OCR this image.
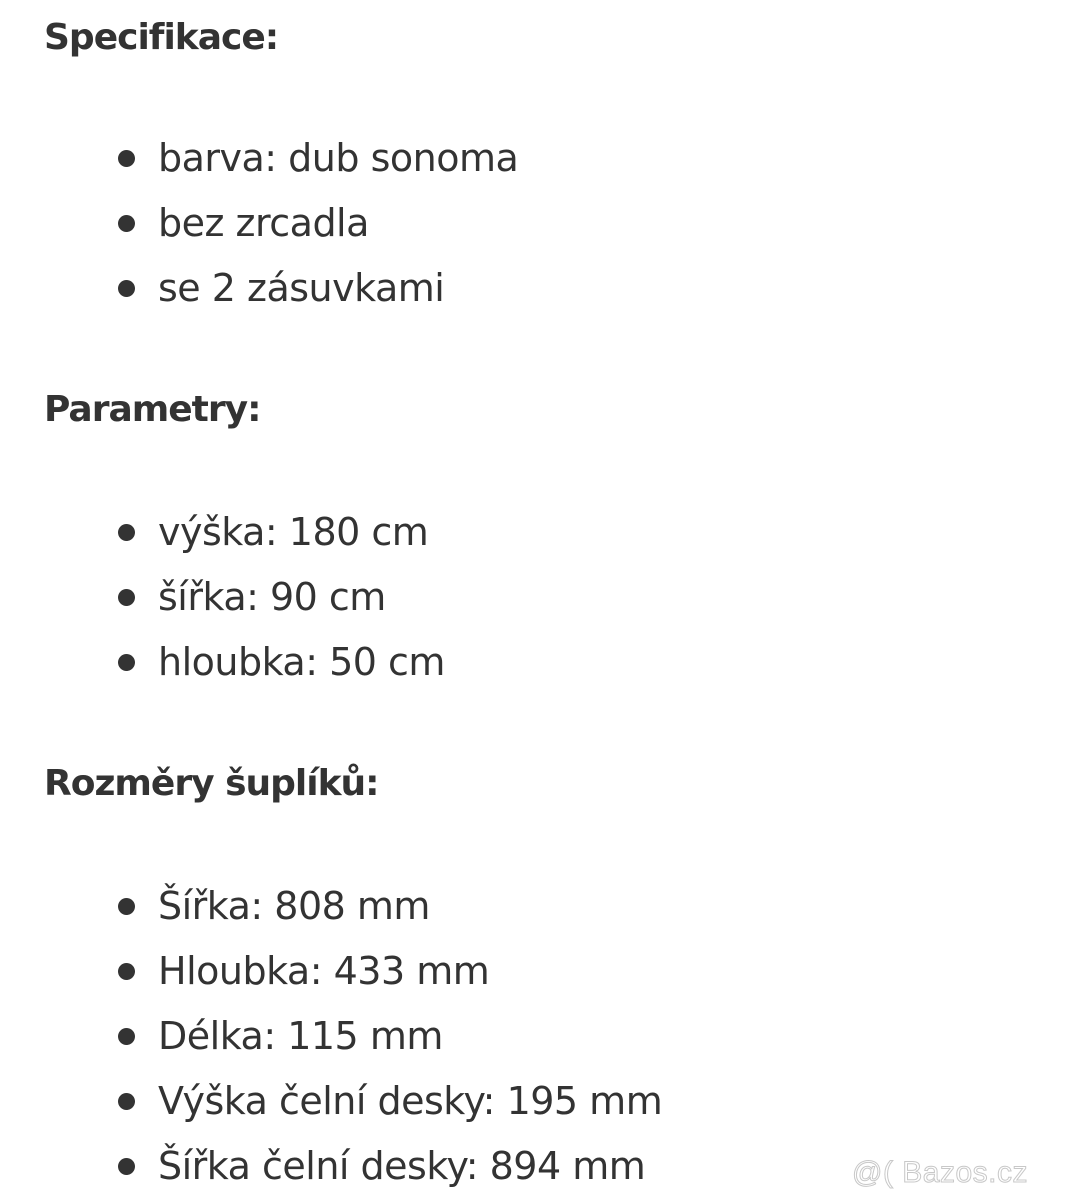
Specifikace:
barva: dub sonoma
bez zrcadla
se 2 zásuvkami
Parametry:
výška: 180 cm
šířka: 90 cm
hloubka: 50 cm
Rozměry šuplíků:
Šířka: 808 mm
Hloubka: 433 mm
Délka: 115 mm
Výška čelní desky: 195 mm
Šířka čelní desky: 894 mm	@( Bazos.cz
